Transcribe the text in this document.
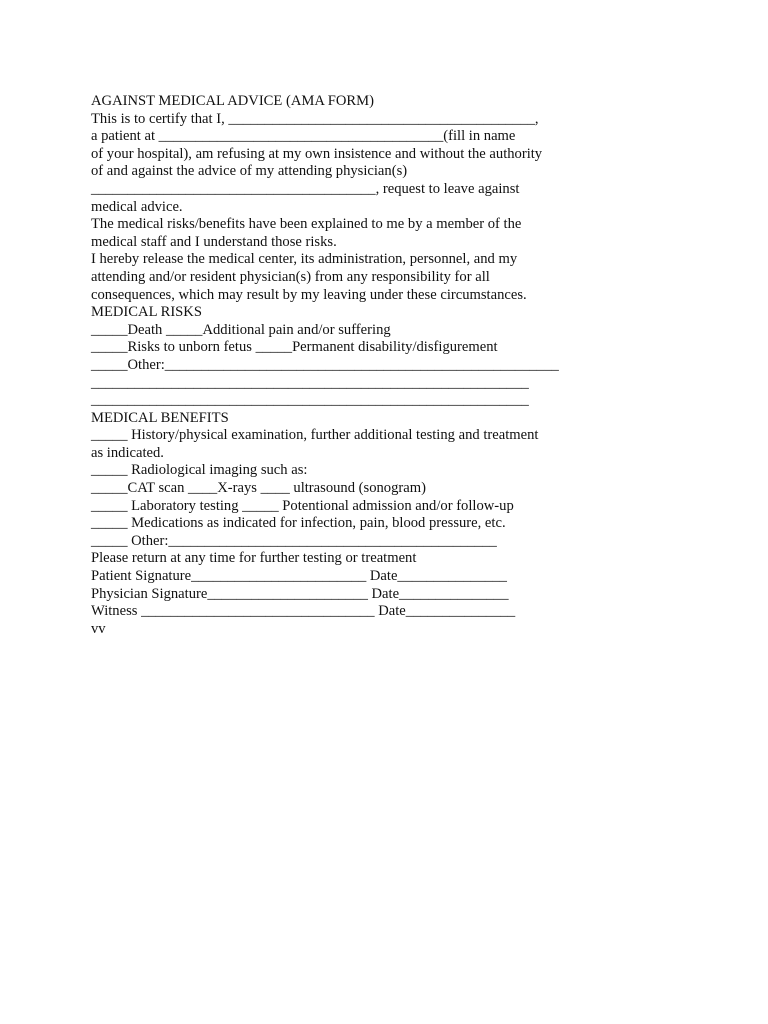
AGAINST MEDICAL ADVICE (AMA FORM)

This is to certify that I, __________________________________________,

a patient at _______________________________________(fill in name

of your hospital), am refusing at my own insistence and without the authority

of and against the advice of my attending physician(s)

_______________________________________, request to leave against

medical advice.

The medical risks/benefits have been explained to me by a member of the

medical staff and I understand those risks.

I hereby release the medical center, its administration, personnel, and my

attending and/or resident physician(s) from any responsibility for all

consequences, which may result by my leaving under these circumstances.

MEDICAL RISKS

_____Death _____Additional pain and/or suffering

_____Risks to unborn fetus _____Permanent disability/disfigurement

_____Other:______________________________________________________

____________________________________________________________

____________________________________________________________

MEDICAL BENEFITS

_____ History/physical examination, further additional testing and treatment

as indicated.

_____ Radiological imaging such as:

_____CAT scan ____X-rays ____ ultrasound (sonogram)

_____ Laboratory testing _____ Potentional admission and/or follow-up

_____ Medications as indicated for infection, pain, blood pressure, etc.

_____ Other:_____________________________________________

Please return at any time for further testing or treatment

Patient Signature________________________ Date_______________

Physician Signature______________________ Date_______________

Witness ________________________________ Date_______________

vv
